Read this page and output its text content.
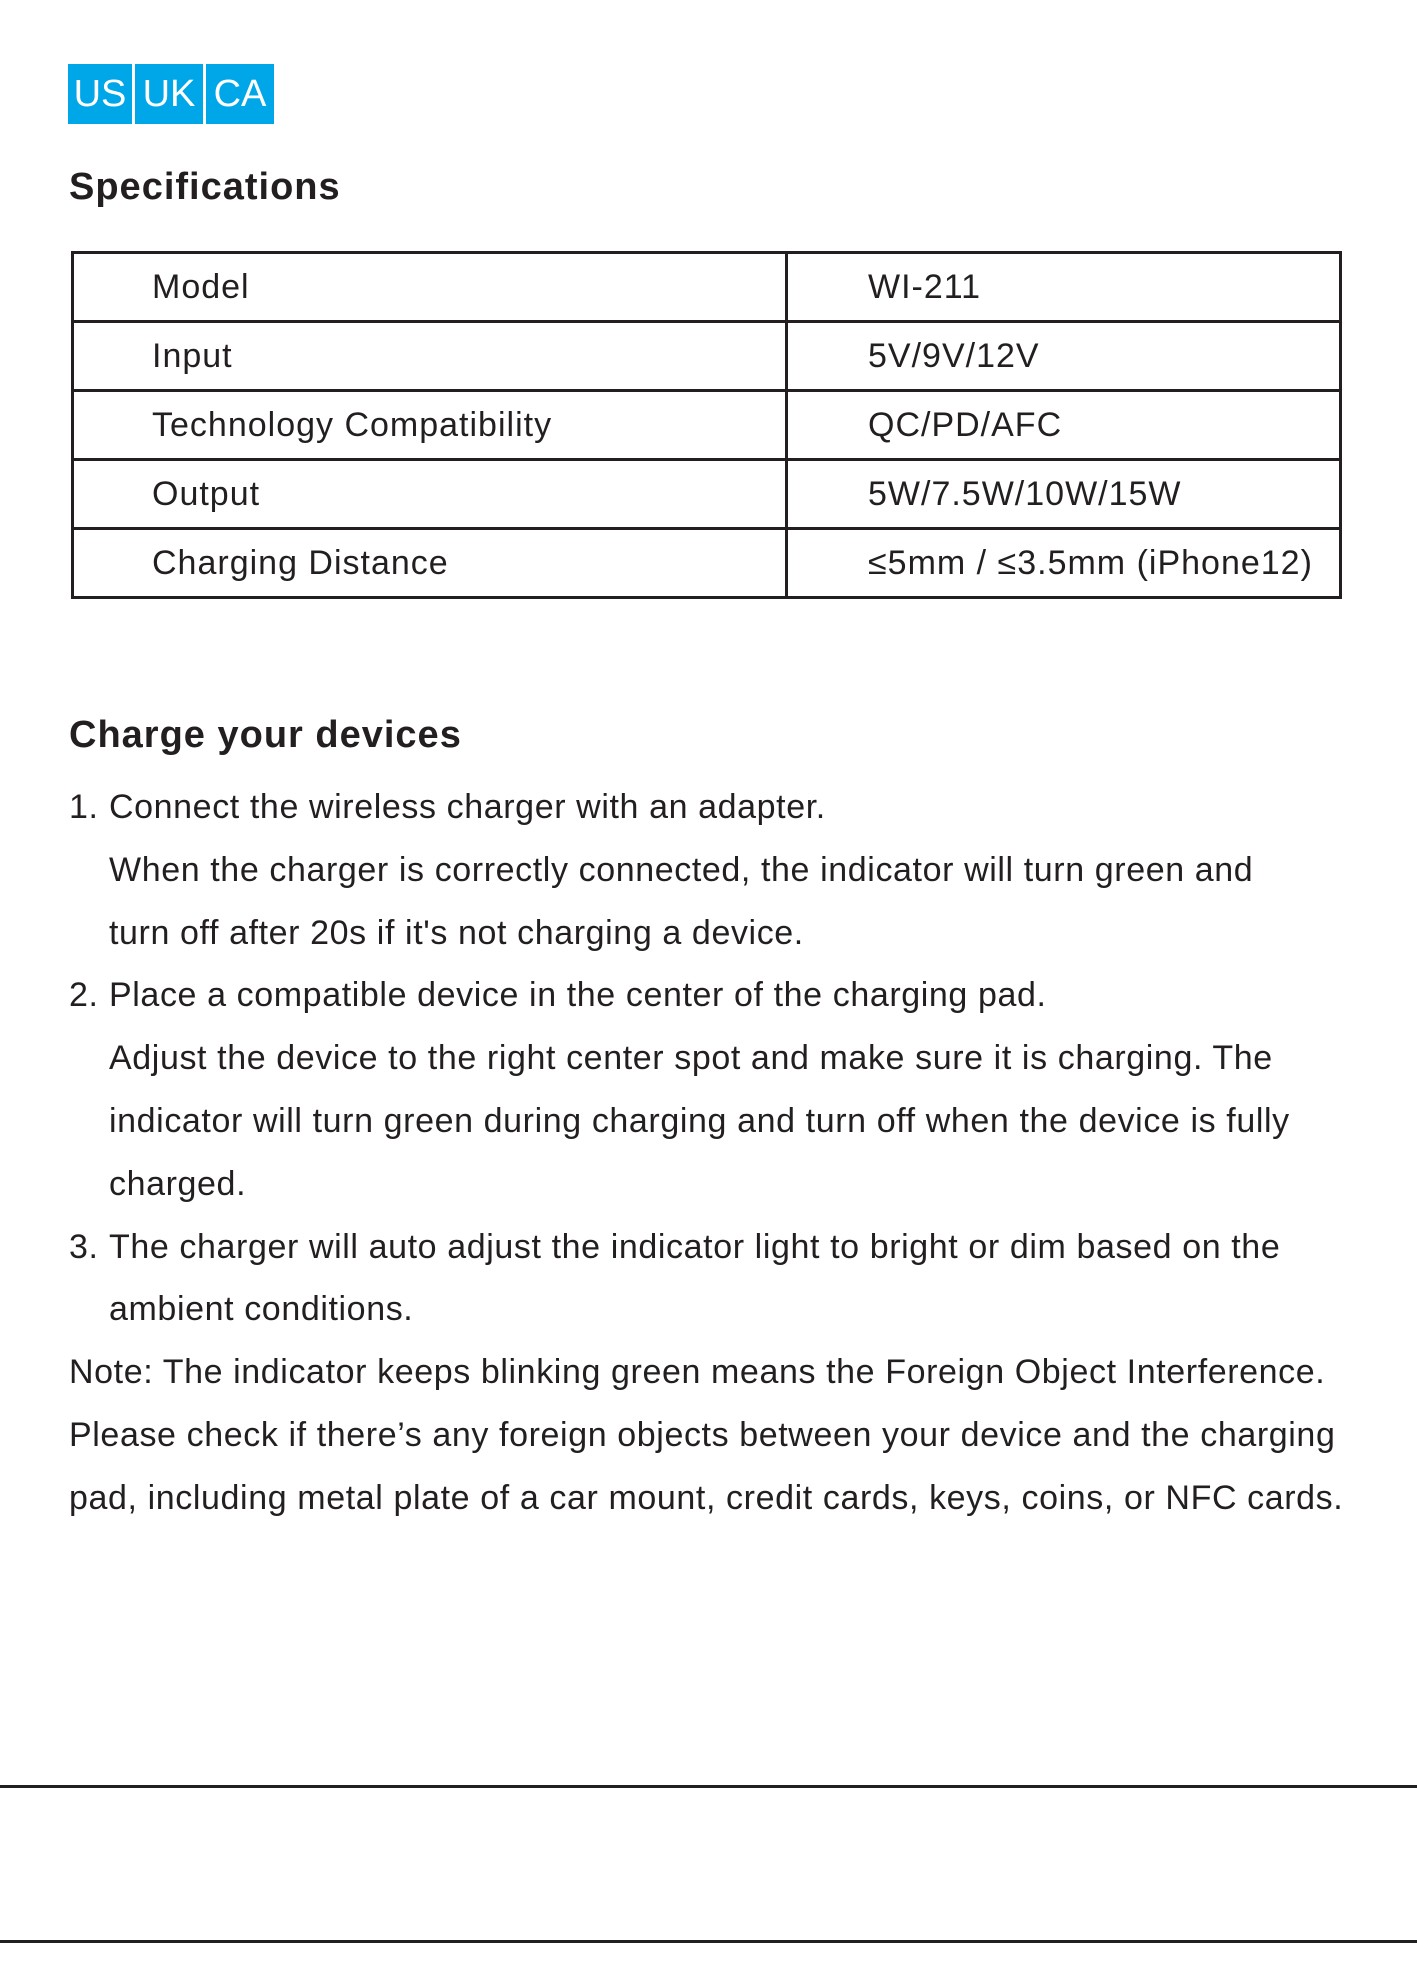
US UK CA
Specifications
Model	WI-211
Input	5V/9V/12V
Technology Compatibility	QC/PD/AFC
Output	5W/7.5W/10W/15W
Charging Distance	≤5mm / ≤3.5mm (iPhone12)
Charge your devices

1. Connect the wireless charger with an adapter.

When the charger is correctly connected, the indicator will turn green and

turn off after 20s if it's not charging a device.

2. Place a compatible device in the center of the charging pad.

Adjust the device to the right center spot and make sure it is charging. The

indicator will turn green during charging and turn off when the device is fully

charged.

3. The charger will auto adjust the indicator light to bright or dim based on the

ambient conditions.

Note: The indicator keeps blinking green means the Foreign Object Interference.

Please check if there’s any foreign objects between your device and the charging

pad, including metal plate of a car mount, credit cards, keys, coins, or NFC cards.
